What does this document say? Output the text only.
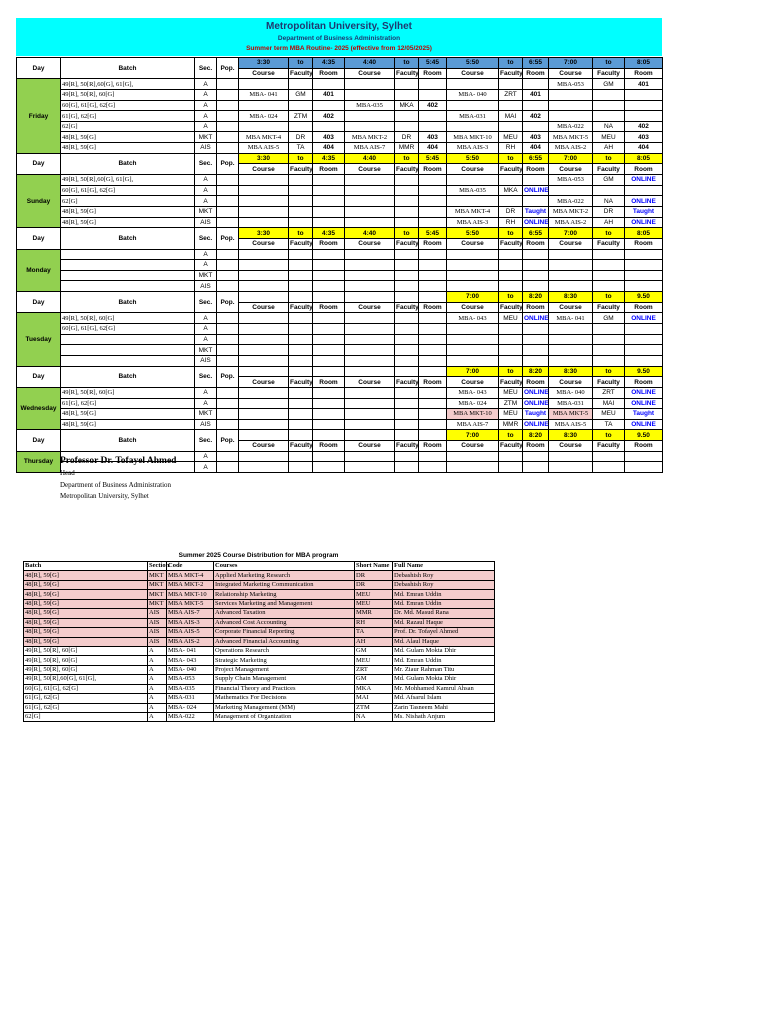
Metropolitan University, Sylhet
Department of Business Administration
Summer term MBA Routine- 2025 (effective from 12/05/2025)
Day	Batch	Sec.	Pop.	3:30	to	4:35	4:40	to	5:45	5:50	to	6:55	7:00	to	8:05
				Course	Faculty	Room	Course	Faculty	Room	Course	Faculty	Room	Course	Faculty	Room
Friday	49[R], 50[R],60[G], 61[G],	A											MBA-053	GM	401
	49[R], 50[R], 60[G]	A		MBA- 041	GM	401				MBA- 040	ZRT	401			
	60[G], 61[G], 62[G]	A					MBA-035	MKA	402						
	61[G], 62[G]	A		MBA- 024	ZTM	402				MBA-031	MAI	402			
	62[G]	A											MBA-022	NA	402
	48[R], 59[G]	MKT		MBA MKT-4	DR	403	MBA MKT-2	DR	403	MBA MKT-10	MEU	403	MBA MKT-5	MEU	403
	48[R], 59[G]	AIS		MBA AIS-5	TA	404	MBA AIS-7	MMR	404	MBA AIS-3	RH	404	MBA AIS-2	AH	404
Day	Batch	Sec.	Pop.	3:30	to	4:35	4:40	to	5:45	5:50	to	6:55	7:00	to	8:05
				Course	Faculty	Room	Course	Faculty	Room	Course	Faculty	Room	Course	Faculty	Room
Sunday	49[R], 50[R],60[G], 61[G],	A											MBA-053	GM	ONLINE
	60[G], 61[G], 62[G]	A								MBA-035	MKA	ONLINE			
	62[G]	A											MBA-022	NA	ONLINE
	48[R], 59[G]	MKT								MBA MKT-4	DR	Taught	MBA MKT-2	DR	Taught
	48[R], 59[G]	AIS								MBA AIS-3	RH	ONLINE	MBA AIS-2	AH	ONLINE
Day	Batch	Sec.	Pop.	3:30	to	4:35	4:40	to	5:45	5:50	to	6:55	7:00	to	8:05
				Course	Faculty	Room	Course	Faculty	Room	Course	Faculty	Room	Course	Faculty	Room
Monday		A													
		A													
		MKT													
		AIS													
Day	Batch	Sec.	Pop.							7:00	to	8:20	8:30	to	9.50
				Course	Faculty	Room	Course	Faculty	Room	Course	Faculty	Room	Course	Faculty	Room
Tuesday	49[R], 50[R], 60[G]	A								MBA- 043	MEU	ONLINE	MBA- 041	GM	ONLINE
	60[G], 61[G], 62[G]	A													
		A													
		MKT													
		AIS													
Day	Batch	Sec.	Pop.							7:00	to	8:20	8:30	to	9.50
				Course	Faculty	Room	Course	Faculty	Room	Course	Faculty	Room	Course	Faculty	Room
Wednesday	49[R], 50[R], 60[G]	A								MBA- 043	MEU	ONLINE	MBA- 040	ZRT	ONLINE
	61[G], 62[G]	A								MBA- 024	ZTM	ONLINE	MBA-031	MAI	ONLINE
	48[R], 59[G]	MKT								MBA MKT-10	MEU	Taught	MBA MKT-5	MEU	Taught
	48[R], 59[G]	AIS								MBA AIS-7	MMR	ONLINE	MBA AIS-5	TA	ONLINE
Day	Batch	Sec.	Pop.							7:00	to	8:20	8:30	to	9.50
				Course	Faculty	Room	Course	Faculty	Room	Course	Faculty	Room	Course	Faculty	Room
Thursday		A													
		A													
Professor Dr. Tofayel Ahmed
Head
Department of Business Administration
Metropolitan University, Sylhet
Summer 2025 Course Distribution for MBA program
Batch	Section	Code	Courses	Short Name	Full Name
48[R], 59[G]	MKT	MBA MKT-4	Applied Marketing Research	DR	Debashish Roy
48[R], 59[G]	MKT	MBA MKT-2	Integrated Marketing Communication	DR	Debashish Roy
48[R], 59[G]	MKT	MBA MKT-10	Relationship Marketing	MEU	Md. Emran Uddin
48[R], 59[G]	MKT	MBA MKT-5	Services Marketing and Management	MEU	Md. Emran Uddin
48[R], 59[G]	AIS	MBA AIS-7	Advanced Taxation	MMR	Dr. Md. Masud Rana
48[R], 59[G]	AIS	MBA AIS-3	Advanced Cost Accounting	RH	Md. Razaul Haque
48[R], 59[G]	AIS	MBA AIS-5	Corporate Financial Reporting	TA	Prof. Dr. Tofayel Ahmed
48[R], 59[G]	AIS	MBA AIS-2	Advanced Financial Accounting	AH	Md. Alaul Haque
49[R], 50[R], 60[G]	A	MBA- 041	Operations Research	GM	Md. Gulam Mokta Dhir
49[R], 50[R], 60[G]	A	MBA- 043	Strategic Marketing	MEU	Md. Emran Uddin
49[R], 50[R], 60[G]	A	MBA- 040	Project Management	ZRT	Mr. Ziaur Rahman Titu
49[R], 50[R],60[G], 61[G],	A	MBA-053	Supply Chain Management	GM	Md. Gulam Mokta Dhir
60[G], 61[G], 62[G]	A	MBA-035	Financial Theory and Practices	MKA	Mr. Mohhamed Kamrul Ahsan
61[G], 62[G]	A	MBA-031	Mathematics For Decisions	MAI	Md. Afsarul Islam
61[G], 62[G]	A	MBA- 024	Marketing Management (MM)	ZTM	Zarin Tasneem Mahi
62[G]	A	MBA-022	Management of Organization	NA	Ms. Nishath Anjum
